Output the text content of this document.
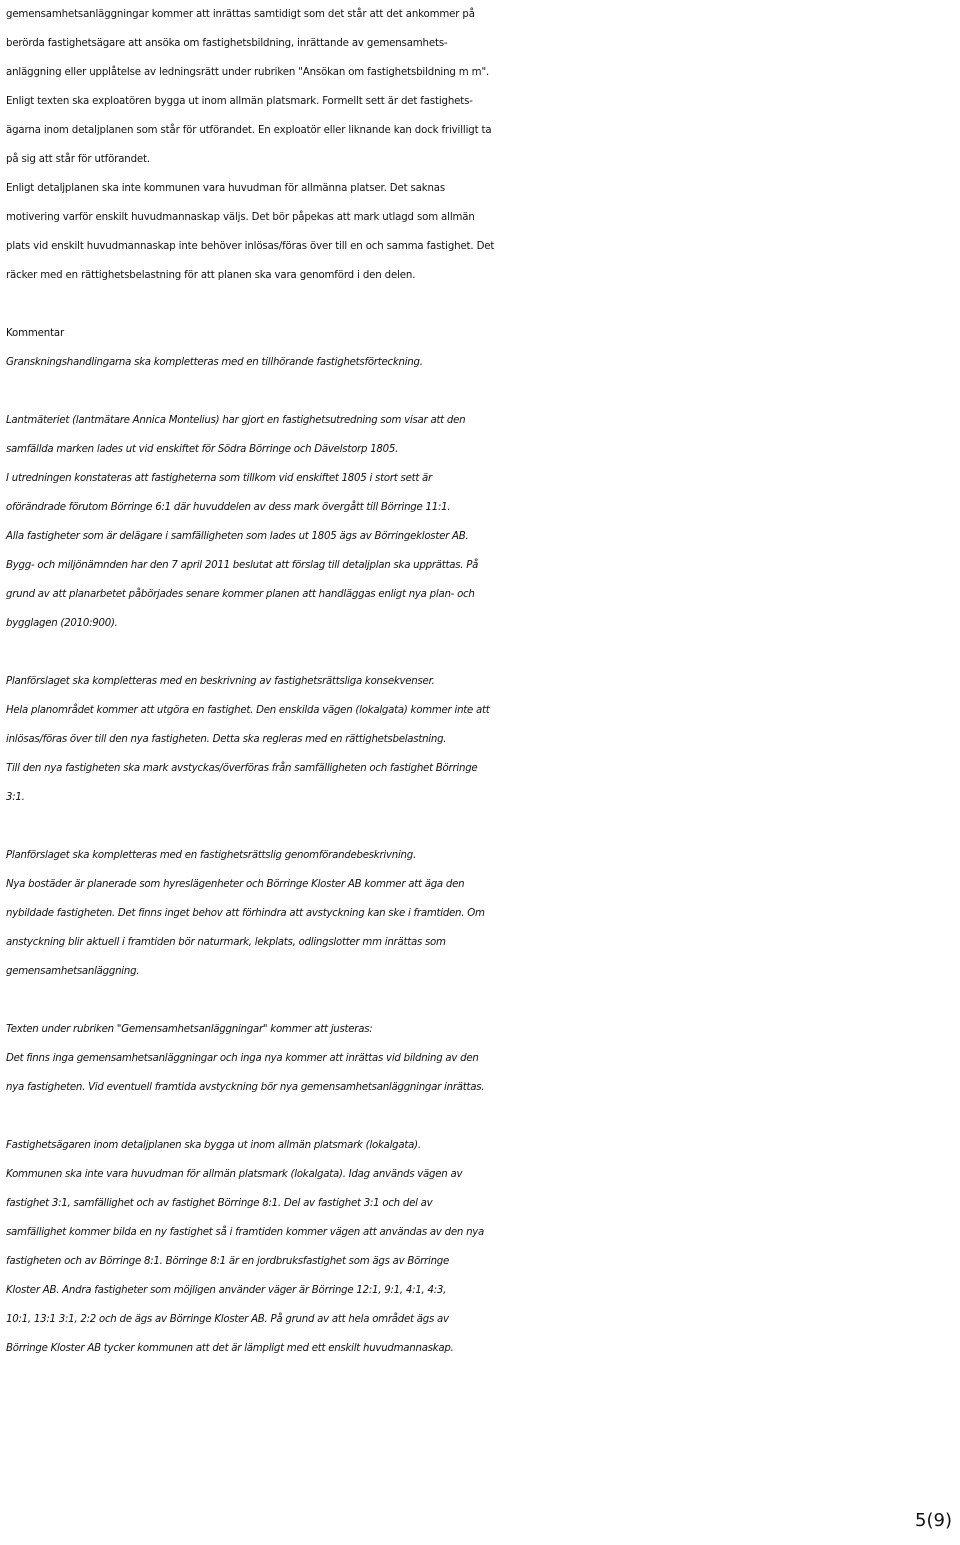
gemensamhetsanläggningar kommer att inrättas samtidigt som det står att det ankommer på
berörda fastighetsägare att ansöka om fastighetsbildning, inrättande av gemensamhets-
anläggning eller upplåtelse av ledningsrätt under rubriken "Ansökan om fastighetsbildning m m".
Enligt texten ska exploatören bygga ut inom allmän platsmark. Formellt sett är det fastighets-
ägarna inom detaljplanen som står för utförandet. En exploatör eller liknande kan dock frivilligt ta
på sig att står för utförandet.
Enligt detaljplanen ska inte kommunen vara huvudman för allmänna platser. Det saknas
motivering varför enskilt huvudmannaskap väljs. Det bör påpekas att mark utlagd som allmän
plats vid enskilt huvudmannaskap inte behöver inlösas/föras över till en och samma fastighet. Det
räcker med en rättighetsbelastning för att planen ska vara genomförd i den delen.
Kommentar
Granskningshandlingarna ska kompletteras med en tillhörande fastighetsförteckning.
Lantmäteriet (lantmätare Annica Montelius) har gjort en fastighetsutredning som visar att den
samfällda marken lades ut vid enskiftet för Södra Börringe och Dävelstorp 1805.
I utredningen konstateras att fastigheterna som tillkom vid enskiftet 1805 i stort sett är
oförändrade förutom Börringe 6:1 där huvuddelen av dess mark övergått till Börringe 11:1.
Alla fastigheter som är delägare i samfälligheten som lades ut 1805 ägs av Börringekloster AB.
Bygg- och miljönämnden har den 7 april 2011 beslutat att förslag till detaljplan ska upprättas. På
grund av att planarbetet påbörjades senare kommer planen att handläggas enligt nya plan- och
bygglagen (2010:900).
Planförslaget ska kompletteras med en beskrivning av fastighetsrättsliga konsekvenser.
Hela planområdet kommer att utgöra en fastighet. Den enskilda vägen (lokalgata) kommer inte att
inlösas/föras över till den nya fastigheten. Detta ska regleras med en rättighetsbelastning.
Till den nya fastigheten ska mark avstyckas/överföras från samfälligheten och fastighet Börringe
3:1.
Planförslaget ska kompletteras med en fastighetsrättslig genomförandebeskrivning.
Nya bostäder är planerade som hyreslägenheter och Börringe Kloster AB kommer att äga den
nybildade fastigheten. Det finns inget behov att förhindra att avstyckning kan ske i framtiden. Om
anstyckning blir aktuell i framtiden bör naturmark, lekplats, odlingslotter mm inrättas som
gemensamhetsanläggning.
Texten under rubriken "Gemensamhetsanläggningar" kommer att justeras:
Det finns inga gemensamhetsanläggningar och inga nya kommer att inrättas vid bildning av den
nya fastigheten. Vid eventuell framtida avstyckning bör nya gemensamhetsanläggningar inrättas.
Fastighetsägaren inom detaljplanen ska bygga ut inom allmän platsmark (lokalgata).
Kommunen ska inte vara huvudman för allmän platsmark (lokalgata). Idag används vägen av
fastighet 3:1, samfällighet och av fastighet Börringe 8:1. Del av fastighet 3:1 och del av
samfällighet kommer bilda en ny fastighet så i framtiden kommer vägen att användas av den nya
fastigheten och av Börringe 8:1. Börringe 8:1 är en jordbruksfastighet som ägs av Börringe
Kloster AB. Andra fastigheter som möjligen använder väger är Börringe 12:1, 9:1, 4:1, 4:3,
10:1, 13:1 3:1, 2:2 och de ägs av Börringe Kloster AB. På grund av att hela området ägs av
Börringe Kloster AB tycker kommunen att det är lämpligt med ett enskilt huvudmannaskap.
5(9)
